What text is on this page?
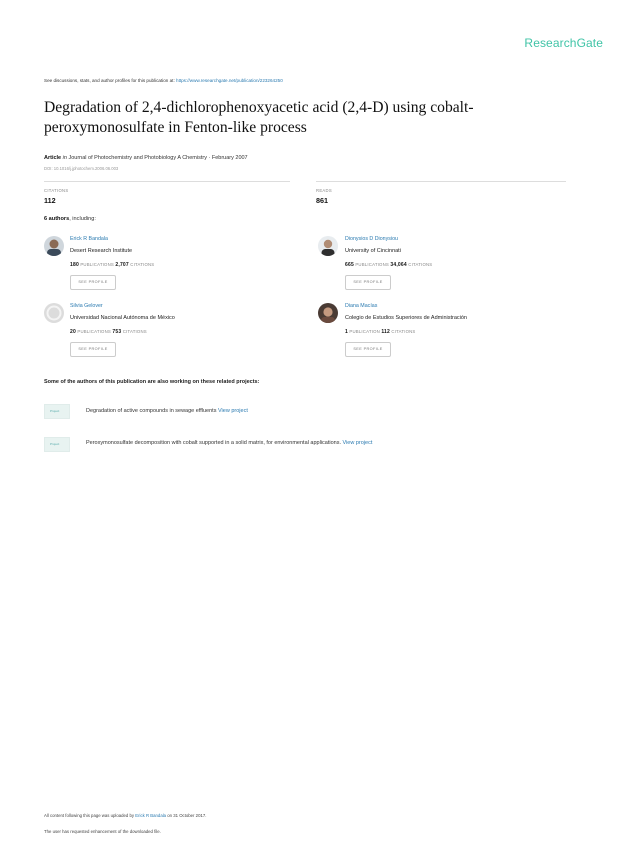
ResearchGate
See discussions, stats, and author profiles for this publication at: https://www.researchgate.net/publication/223264250
Degradation of 2,4-dichlorophenoxyacetic acid (2,4-D) using cobalt-
peroxymonosulfate in Fenton-like process
Article in Journal of Photochemistry and Photobiology A Chemistry · February 2007
DOI: 10.1016/j.jphotochem.2006.06.003
CITATIONS
112
READS
861
6 authors, including:
Erick R Bandala
Desert Research Institute
180 PUBLICATIONS 2,707 CITATIONS
SEE PROFILE
Dionysios D Dionysiou
University of Cincinnati
665 PUBLICATIONS 34,064 CITATIONS
SEE PROFILE
Silvia Gelover
Universidad Nacional Autónoma de México
20 PUBLICATIONS 753 CITATIONS
SEE PROFILE
Diana Macías
Colegio de Estudios Superiores de Administración
1 PUBLICATION 112 CITATIONS
SEE PROFILE
Some of the authors of this publication are also working on these related projects:
Project	Degradation of active compounds in sewage effluents View project
Project	Peroxymonosulfate decomposition with cobalt supported in a solid matrix, for environmental applications. View project
All content following this page was uploaded by Erick R Bandala on 31 October 2017.
The user has requested enhancement of the downloaded file.
